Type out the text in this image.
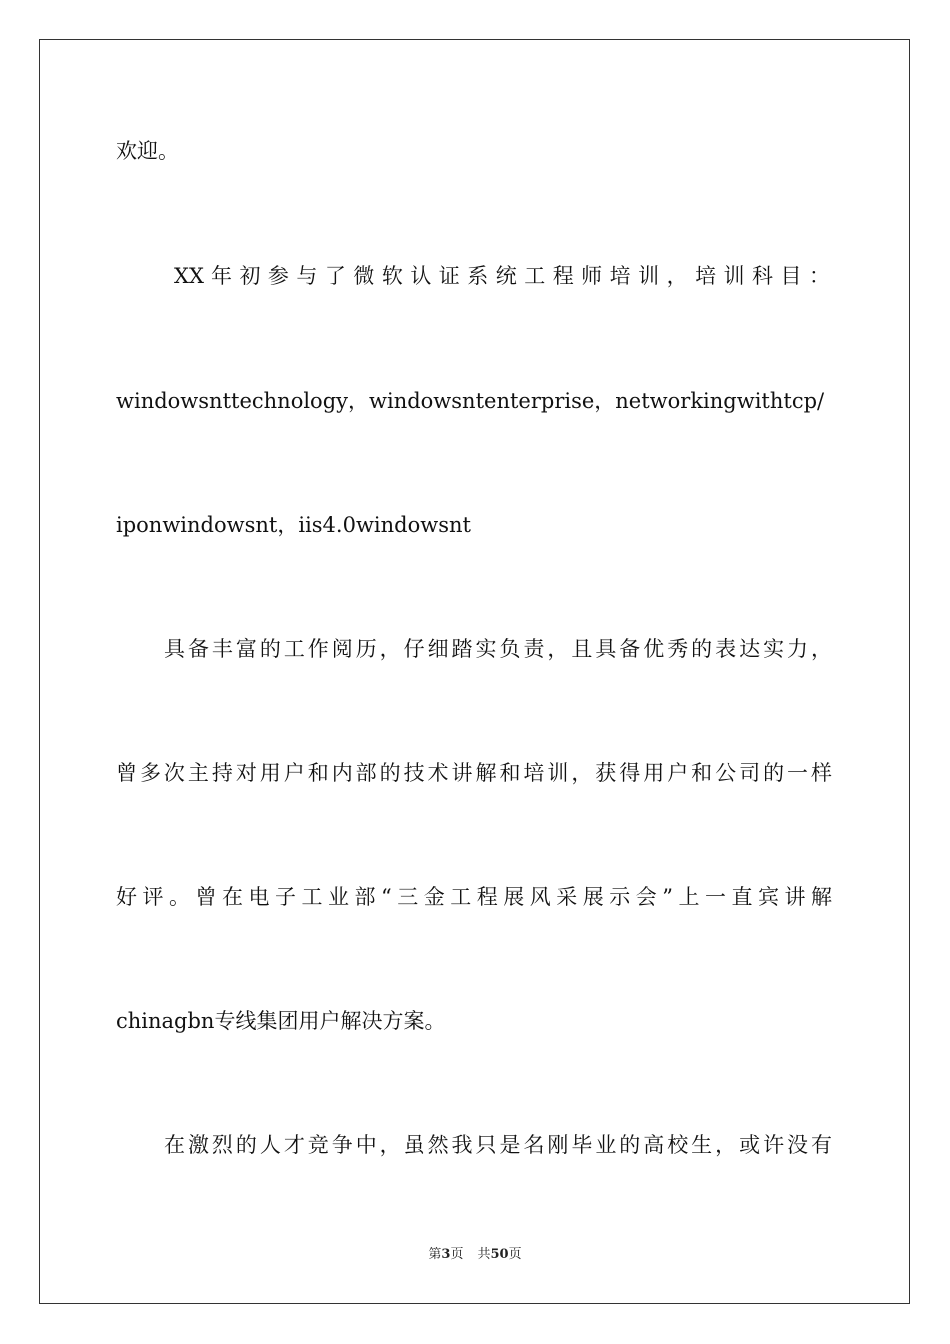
欢迎。

XX 年 初 参 与 了 微 软 认 证 系 统 工 程 师 培 训 ， 培 训 科 目 ：

windowsnttechnology，windowsntenterprise，networkingwithtcp/

iponwindowsnt，ⅱs4.0windowsnt

具备丰富的工作阅历，仔细踏实负责，且具备优秀的表达实力，

曾多次主持对用户和内部的技术讲解和培训，获得用户和公司的一样

好评。曾在电子工业部“三金工程展风采展示会”上一直宾讲解

chinagbn专线集团用户解决方案。

在激烈的人才竞争中，虽然我只是名刚毕业的高校生，或许没有

第3页 共50页
